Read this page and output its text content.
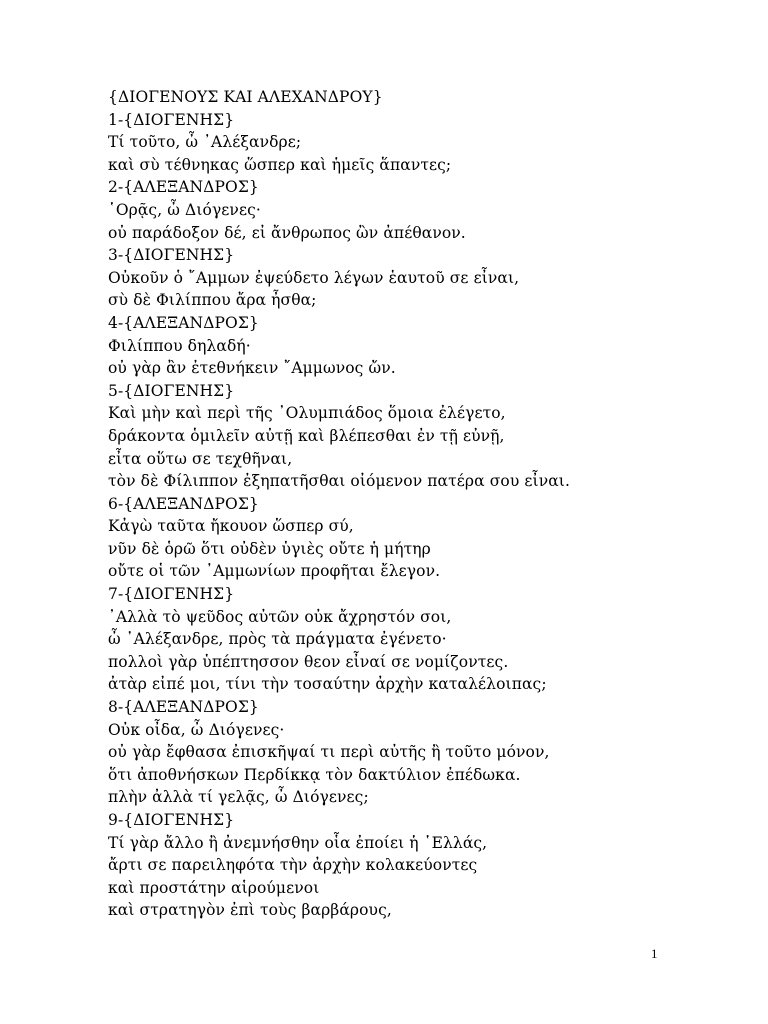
{ΔΙΟΓΕΝΟΥΣ ΚΑΙ ΑΛΕΧΑΝΔΡΟΥ}
1-{ΔΙΟΓΕΝΗΣ}
Τί τοῦτο, ὦ ᾿Αλέξανδρε;
καὶ σὺ τέθνηκας ὥσπερ καὶ ἡμεῖς ἅπαντες;
2-{ΑΛΕΞΑΝΔΡΟΣ}
῾Ορᾷς, ὦ Διόγενες·
οὐ παράδοξον δέ, εἰ ἄνθρωπος ὢν ἀπέθανον.
3-{ΔΙΟΓΕΝΗΣ}
Οὐκοῦν ὁ ῎Αμμων ἐψεύδετο λέγων ἑαυτοῦ σε εἶναι,
σὺ δὲ Φιλίππου ἄρα ἦσθα;
4-{ΑΛΕΞΑΝΔΡΟΣ}
Φιλίππου δηλαδή·
οὐ γὰρ ἂν ἐτεθνήκειν ῎Αμμωνος ὤν.
5-{ΔΙΟΓΕΝΗΣ}
Καὶ μὴν καὶ περὶ τῆς ᾿Ολυμπιάδος ὅμοια ἐλέγετο,
δράκοντα ὁμιλεῖν αὐτῇ καὶ βλέπεσθαι ἐν τῇ εὐνῇ,
εἶτα οὕτω σε τεχθῆναι,
τὸν δὲ Φίλιππον ἐξηπατῆσθαι οἰόμενον πατέρα σου εἶναι.
6-{ΑΛΕΞΑΝΔΡΟΣ}
Κἀγὼ ταῦτα ἤκουον ὥσπερ σύ,
νῦν δὲ ὁρῶ ὅτι οὐδὲν ὑγιὲς οὔτε ἡ μήτηρ
οὔτε οἱ τῶν ᾿Αμμωνίων προφῆται ἔλεγον.
7-{ΔΙΟΓΕΝΗΣ}
᾿Αλλὰ τὸ ψεῦδος αὐτῶν οὐκ ἄχρηστόν σοι,
ὦ ᾿Αλέξανδρε, πρὸς τὰ πράγματα ἐγένετο·
πολλοὶ γὰρ ὑπέπτησσον θεον εἶναί σε νομίζοντες.
ἀτὰρ εἰπέ μοι, τίνι τὴν τοσαύτην ἀρχὴν καταλέλοιπας;
8-{ΑΛΕΞΑΝΔΡΟΣ}
Οὐκ οἶδα, ὦ Διόγενες·
οὐ γὰρ ἔφθασα ἐπισκῆψαί τι περὶ αὐτῆς ἢ τοῦτο μόνον,
ὅτι ἀποθνήσκων Περδίκκᾳ τὸν δακτύλιον ἐπέδωκα.
πλὴν ἀλλὰ τί γελᾷς, ὦ Διόγενες;
9-{ΔΙΟΓΕΝΗΣ}
Τί γὰρ ἄλλο ἢ ἀνεμνήσθην οἷα ἐποίει ἡ ῾Ελλάς,
ἄρτι σε παρειληφότα τὴν ἀρχὴν κολακεύοντες
καὶ προστάτην αἱρούμενοι
καὶ στρατηγὸν ἐπὶ τοὺς βαρβάρους,
1
